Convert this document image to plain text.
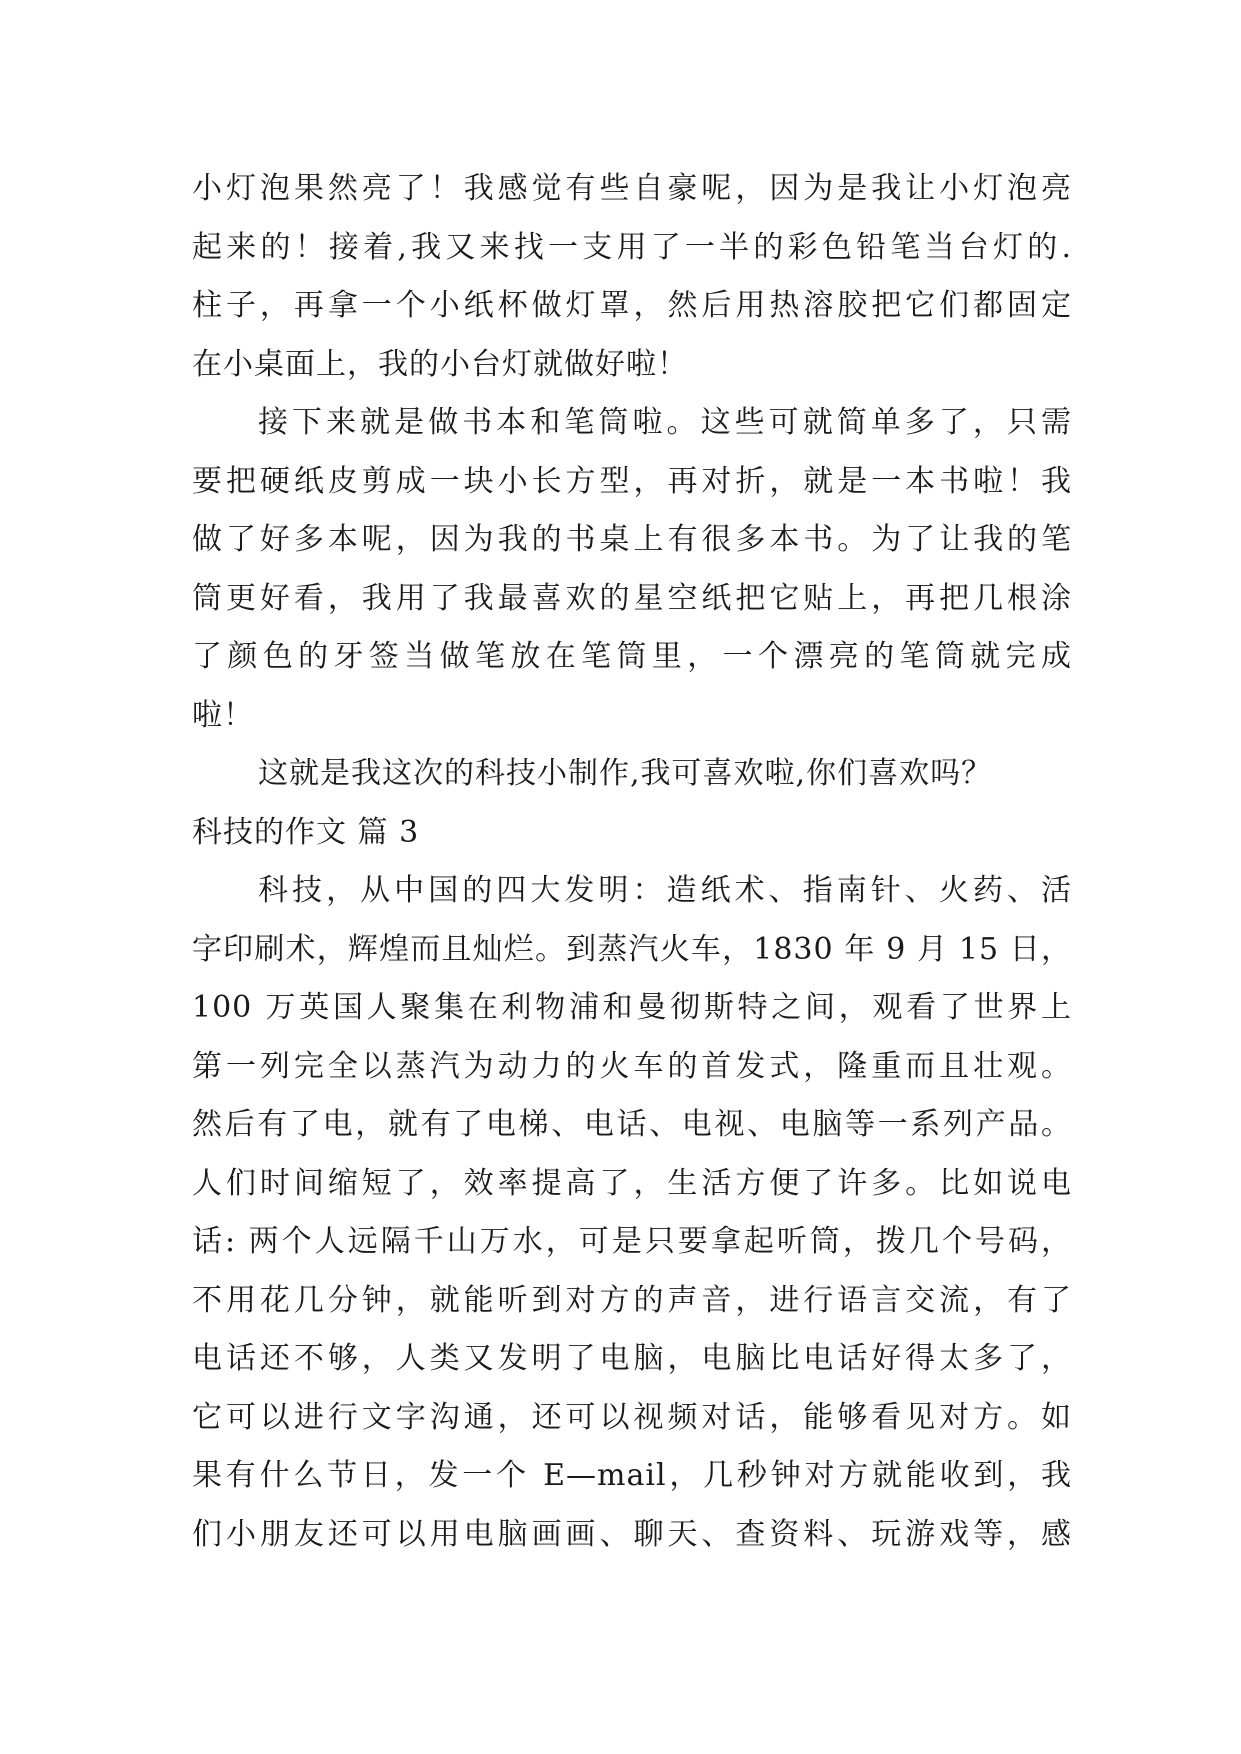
小灯泡果然亮了！我感觉有些自豪呢，因为是我让小灯泡亮
起来的！接着,我又来找一支用了一半的彩色铅笔当台灯的.
柱子，再拿一个小纸杯做灯罩，然后用热溶胶把它们都固定
在小桌面上，我的小台灯就做好啦！
接下来就是做书本和笔筒啦。这些可就简单多了，只需
要把硬纸皮剪成一块小长方型，再对折，就是一本书啦！我
做了好多本呢，因为我的书桌上有很多本书。为了让我的笔
筒更好看，我用了我最喜欢的星空纸把它贴上，再把几根涂
了颜色的牙签当做笔放在笔筒里，一个漂亮的笔筒就完成
啦！
这就是我这次的科技小制作,我可喜欢啦,你们喜欢吗？
科技的作文 篇 3
科技，从中国的四大发明：造纸术、指南针、火药、活
字印刷术，辉煌而且灿烂。到蒸汽火车，1830 年 9 月 15 日，
100 万英国人聚集在利物浦和曼彻斯特之间，观看了世界上
第一列完全以蒸汽为动力的火车的首发式，隆重而且壮观。
然后有了电，就有了电梯、电话、电视、电脑等一系列产品。
人们时间缩短了，效率提高了，生活方便了许多。比如说电
话: 两个人远隔千山万水，可是只要拿起听筒，拨几个号码，
不用花几分钟，就能听到对方的声音，进行语言交流，有了
电话还不够，人类又发明了电脑，电脑比电话好得太多了，
它可以进行文字沟通，还可以视频对话，能够看见对方。如
果有什么节日，发一个 E—mail，几秒钟对方就能收到，我
们小朋友还可以用电脑画画、聊天、查资料、玩游戏等，感
